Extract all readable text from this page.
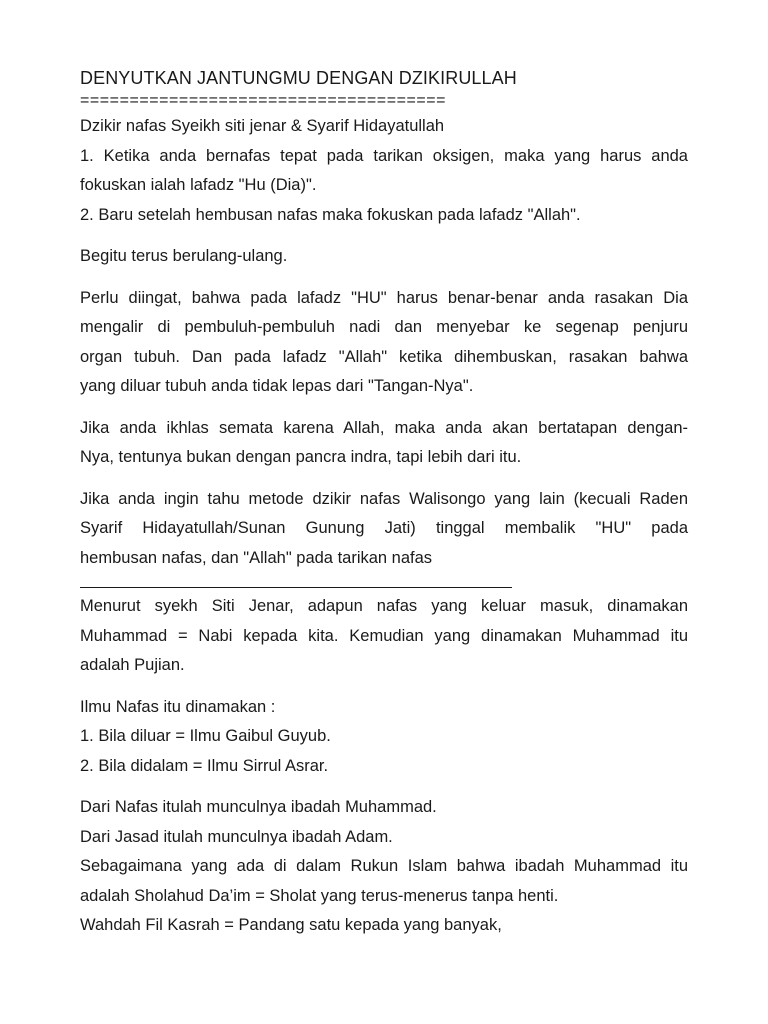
DENYUTKAN JANTUNGMU DENGAN DZIKIRULLAH
=====================================
Dzikir nafas Syeikh siti jenar & Syarif Hidayatullah
1. Ketika anda bernafas tepat pada tarikan oksigen, maka yang harus anda
fokuskan ialah lafadz "Hu (Dia)".
2. Baru setelah hembusan nafas maka fokuskan pada lafadz "Allah".
Begitu terus berulang-ulang.
Perlu diingat, bahwa pada lafadz "HU" harus benar-benar anda rasakan Dia
mengalir di pembuluh-pembuluh nadi dan menyebar ke segenap penjuru
organ tubuh. Dan pada lafadz "Allah" ketika dihembuskan, rasakan bahwa
yang diluar tubuh anda tidak lepas dari "Tangan-Nya".
Jika anda ikhlas semata karena Allah, maka anda akan bertatapan dengan-
Nya, tentunya bukan dengan pancra indra, tapi lebih dari itu.
Jika anda ingin tahu metode dzikir nafas Walisongo yang lain (kecuali Raden
Syarif Hidayatullah/Sunan Gunung Jati) tinggal membalik "HU" pada
hembusan nafas, dan "Allah" pada tarikan nafas
Menurut syekh Siti Jenar, adapun nafas yang keluar masuk, dinamakan
Muhammad = Nabi kepada kita. Kemudian yang dinamakan Muhammad itu
adalah Pujian.
Ilmu Nafas itu dinamakan :
1. Bila diluar = Ilmu Gaibul Guyub.
2. Bila didalam = Ilmu Sirrul Asrar.
Dari Nafas itulah munculnya ibadah Muhammad.
Dari Jasad itulah munculnya ibadah Adam.
Sebagaimana yang ada di dalam Rukun Islam bahwa ibadah Muhammad itu
adalah Sholahud Da’im = Sholat yang terus-menerus tanpa henti.
Wahdah Fil Kasrah = Pandang satu kepada yang banyak,
